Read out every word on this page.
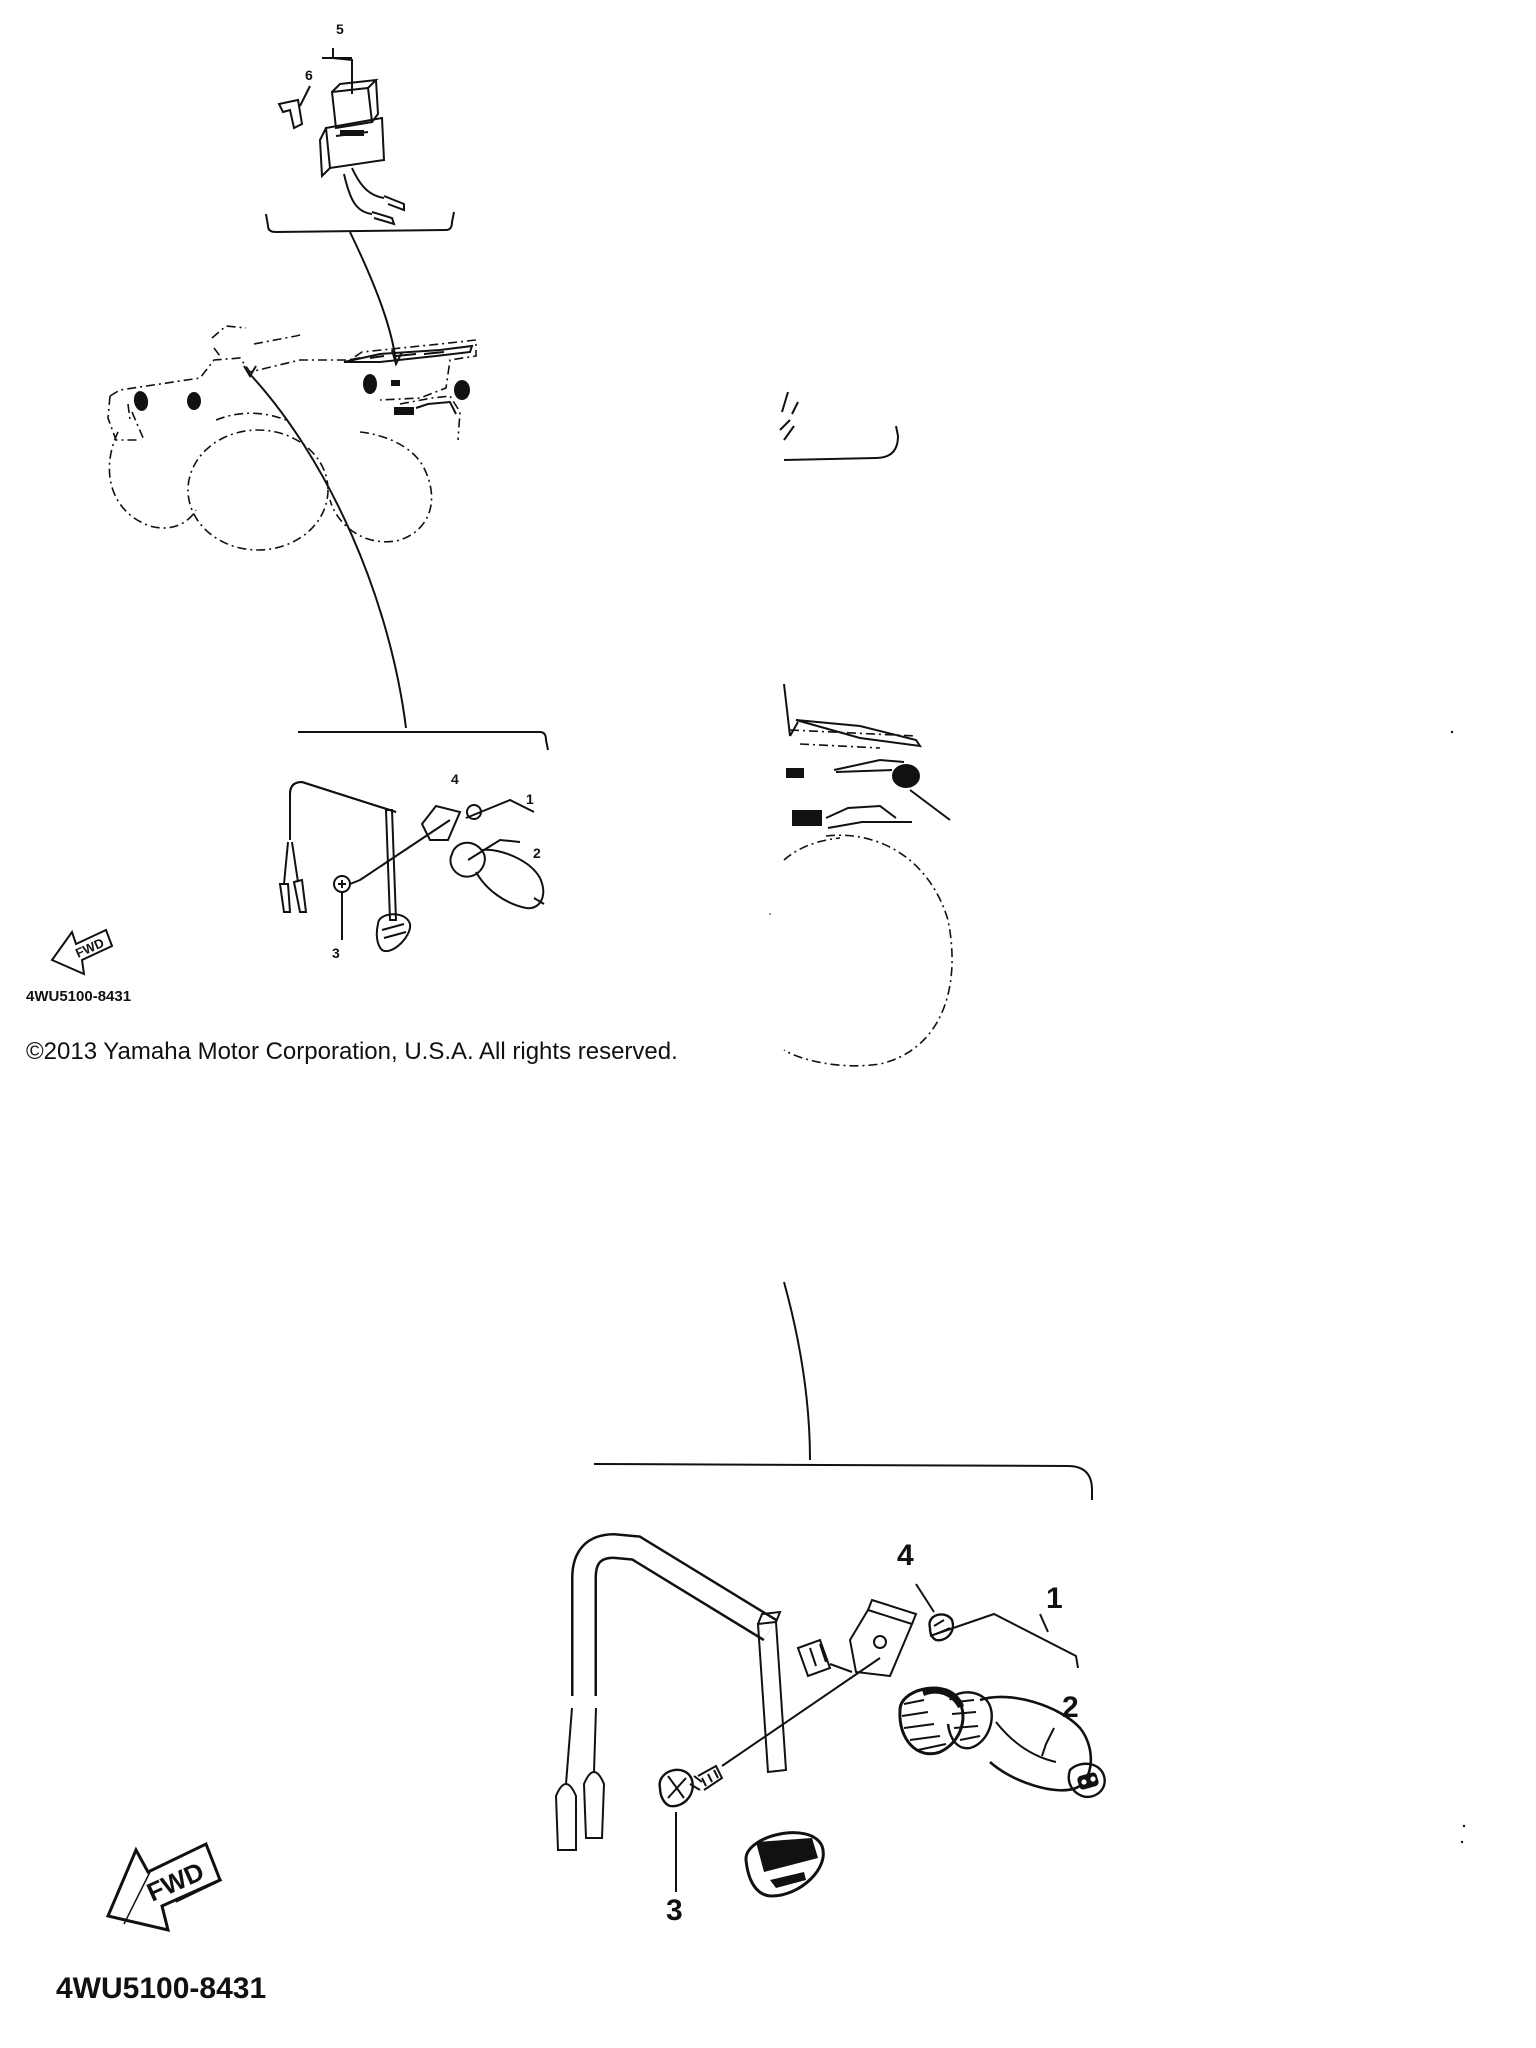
5
6
4
1
2
3
FWD
4WU5100-8431
4
1
2
3
FWD
4WU5100-8431
©2013 Yamaha Motor Corporation, U.S.A. All rights reserved.
